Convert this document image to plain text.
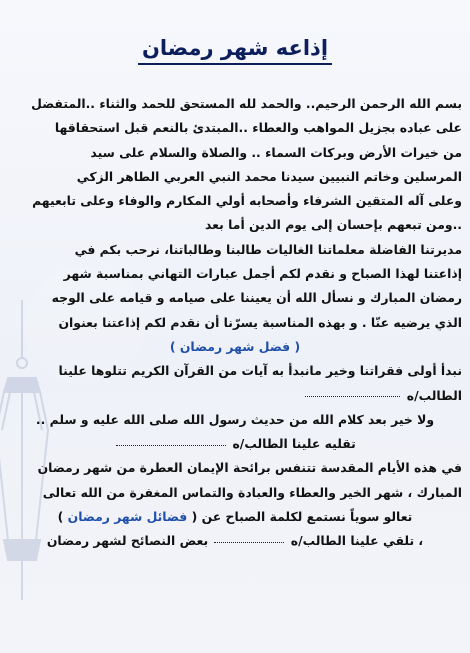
إذاعه شهر رمضان
بسم الله الرحمن الرحيم.. والحمد لله المستحق للحمد والثناء ..المتفضل
على عباده بجزيل المواهب والعطاء ..المبتدئ بالنعم قبل استحقاقها
من خيرات الأرض وبركات السماء .. والصلاة والسلام على سيد
المرسلين وخاتم النبيين سيدنا محمد النبي العربي الطاهر الزكي
وعلى آله المتقين الشرفاء وأصحابه أولي المكارم والوفاء وعلى تابعيهم
..ومن تبعهم بإحسان إلى يوم الدين أما بعد
مديرتنا الفاضلة معلماتنا الغاليات طالبنا وطالباتنا، نرحب بكم في
إذاعتنا لهذا الصباح و نقدم لكم أجمل عبارات التهاني بمناسبة شهر
رمضان المبارك و نسأل الله أن يعيننا على صيامه و قيامه على الوجه
الذي يرضيه عنّا . و بهذه المناسبة يسرّنا أن نقدم لكم إذاعتنا بعنوان
( فضل شهر رمضان )
نبدأ أولى فقراتنا وخير مانبدأ به آيات من القرآن الكريم تتلوها علينا
الطالب/ه
ولا خير بعد كلام الله من حديث رسول الله صلى الله عليه و سلم ..
تقليه علينا الطالب/ه
في هذه الأيام المقدسة تتنفس برائحة الإيمان العطرة من شهر رمضان
المبارك ، شهر الخير والعطاء والعبادة والتماس المغفرة من الله تعالى
تعالو سوياً نستمع لكلمة الصباح عن ( فضائل شهر رمضان )
، تلقي علينا الطالب/ه  بعض النصائح لشهر رمضان
